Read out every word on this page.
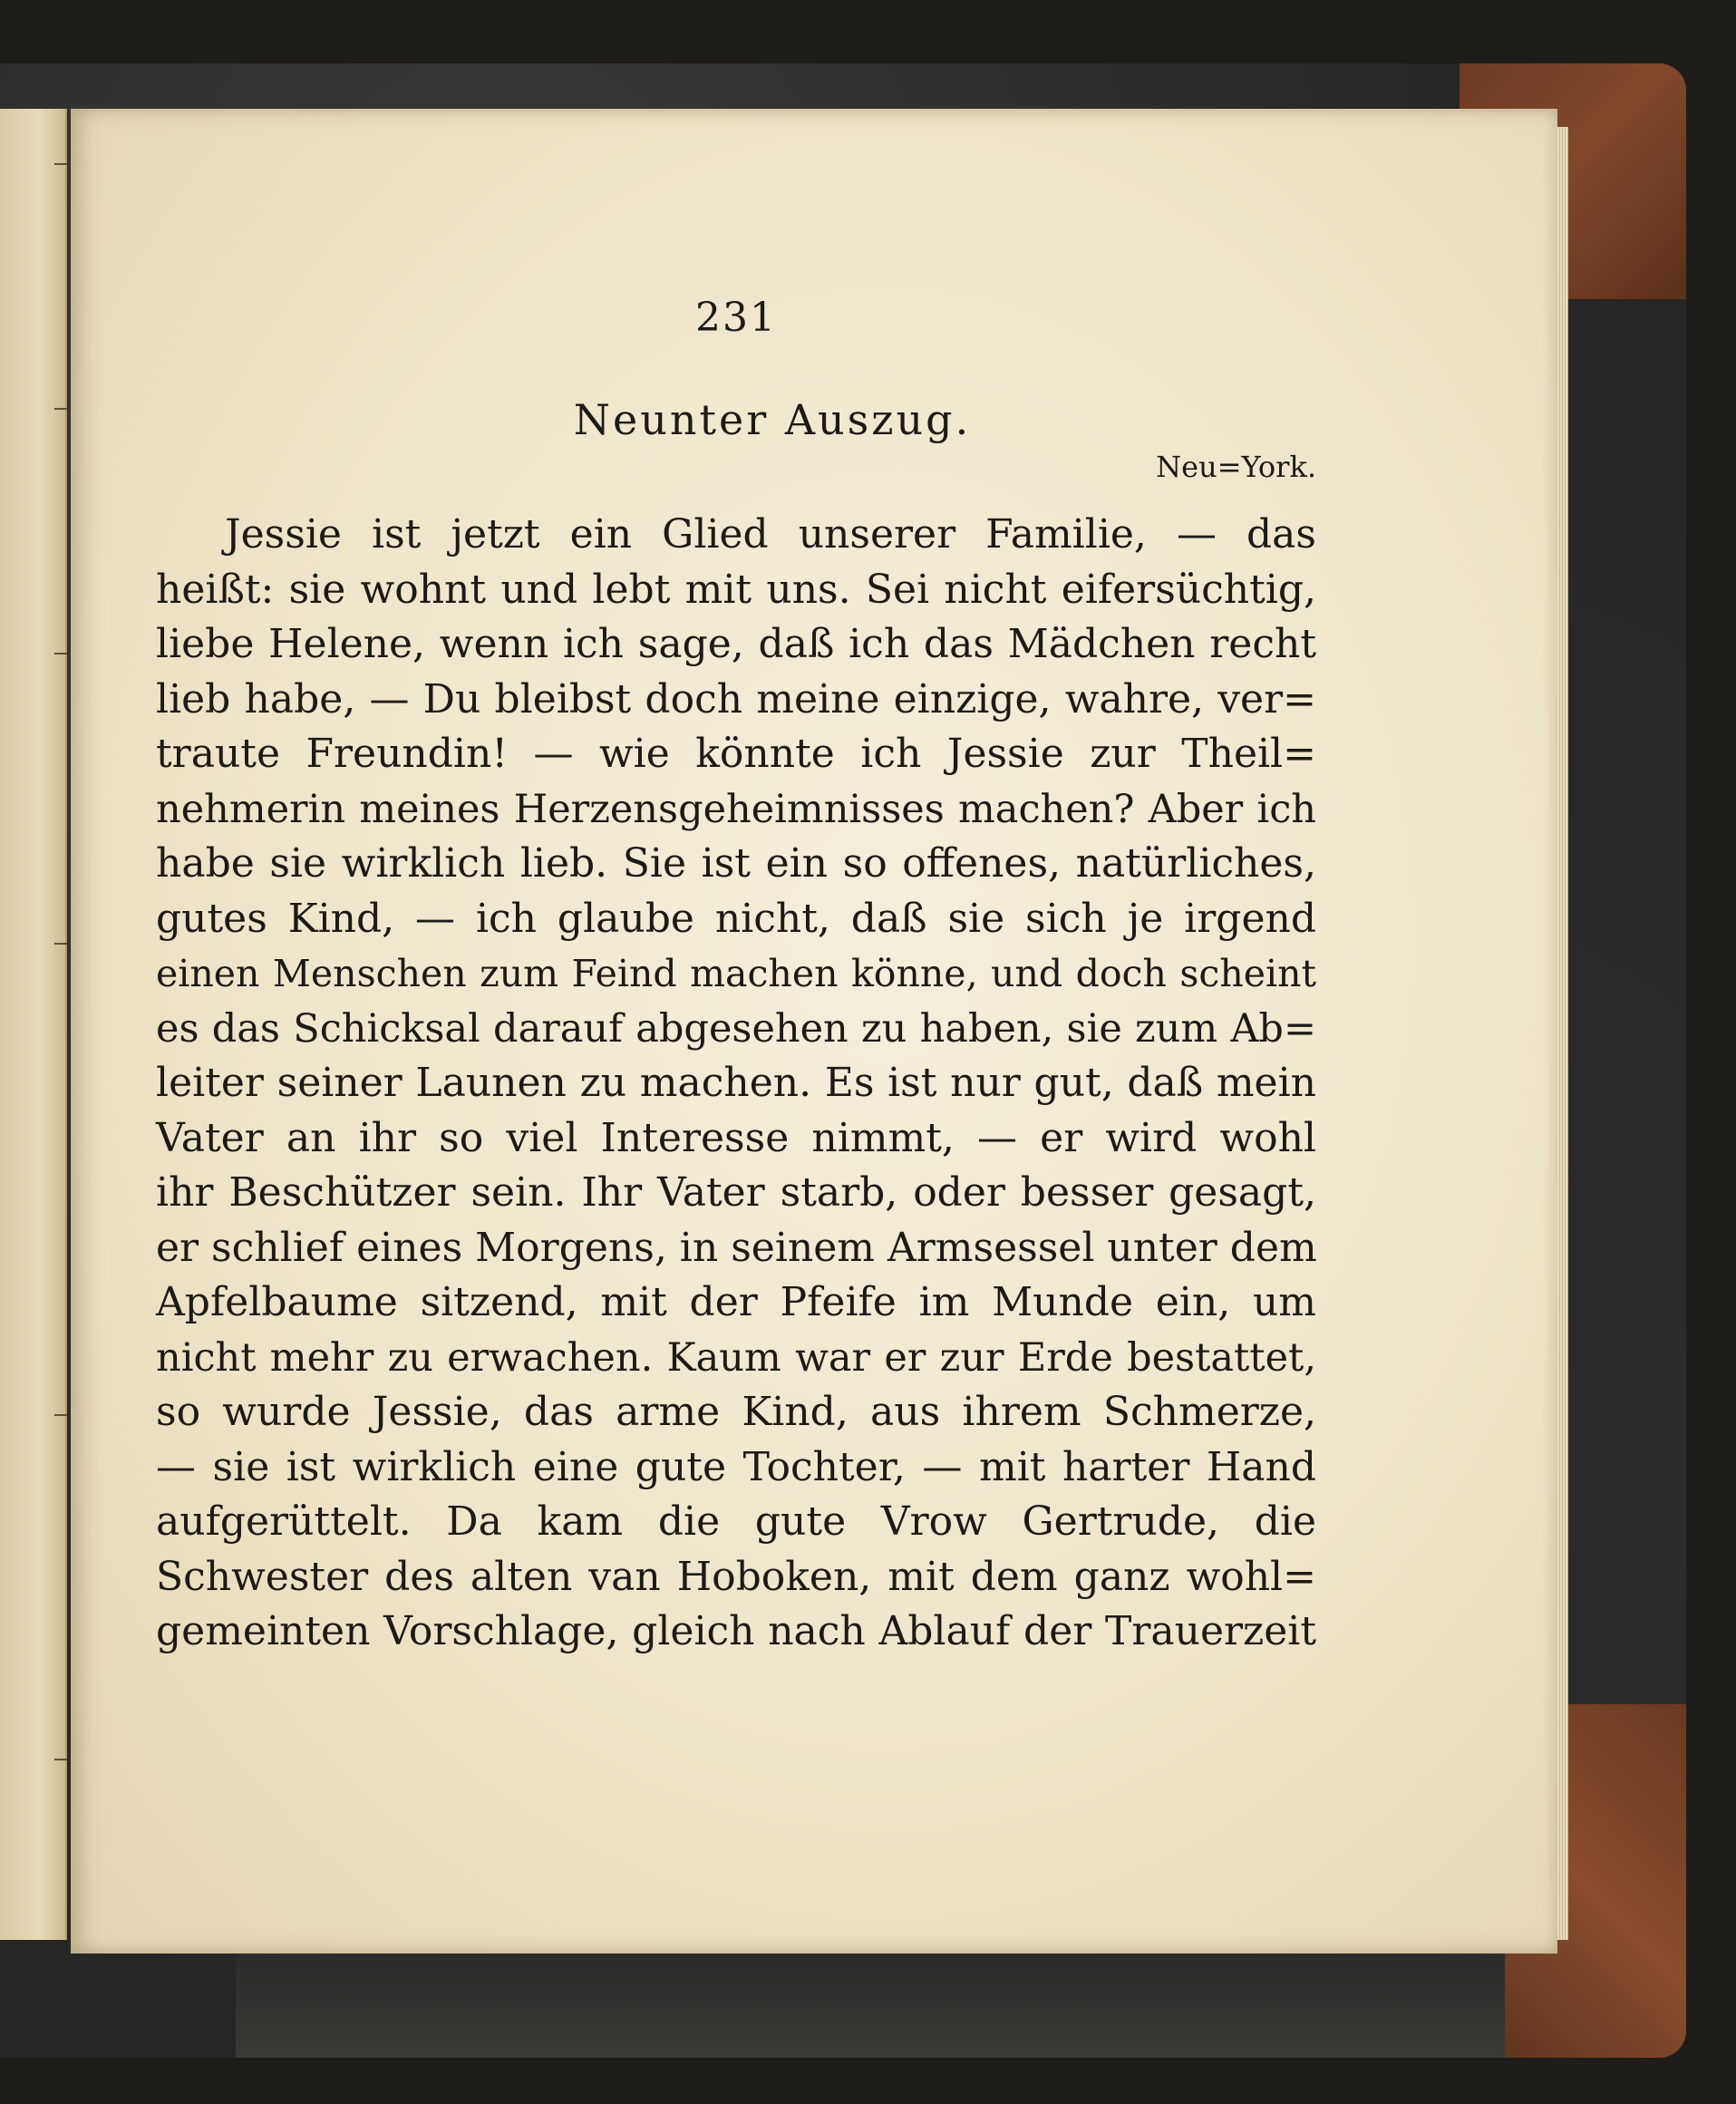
231
Neunter Auszug.
Neu=York.
Jessie ist jetzt ein Glied unserer Familie, — das
heißt: sie wohnt und lebt mit uns. Sei nicht eifersüchtig,
liebe Helene, wenn ich sage, daß ich das Mädchen recht
lieb habe, — Du bleibst doch meine einzige, wahre, ver=
traute Freundin! — wie könnte ich Jessie zur Theil=
nehmerin meines Herzensgeheimnisses machen? Aber ich
habe sie wirklich lieb. Sie ist ein so offenes, natürliches,
gutes Kind, — ich glaube nicht, daß sie sich je irgend
einen Menschen zum Feind machen könne, und doch scheint
es das Schicksal darauf abgesehen zu haben, sie zum Ab=
leiter seiner Launen zu machen. Es ist nur gut, daß mein
Vater an ihr so viel Interesse nimmt, — er wird wohl
ihr Beschützer sein. Ihr Vater starb, oder besser gesagt,
er schlief eines Morgens, in seinem Armsessel unter dem
Apfelbaume sitzend, mit der Pfeife im Munde ein, um
nicht mehr zu erwachen. Kaum war er zur Erde bestattet,
so wurde Jessie, das arme Kind, aus ihrem Schmerze,
— sie ist wirklich eine gute Tochter, — mit harter Hand
aufgerüttelt. Da kam die gute Vrow Gertrude, die
Schwester des alten van Hoboken, mit dem ganz wohl=
gemeinten Vorschlage, gleich nach Ablauf der Trauerzeit
